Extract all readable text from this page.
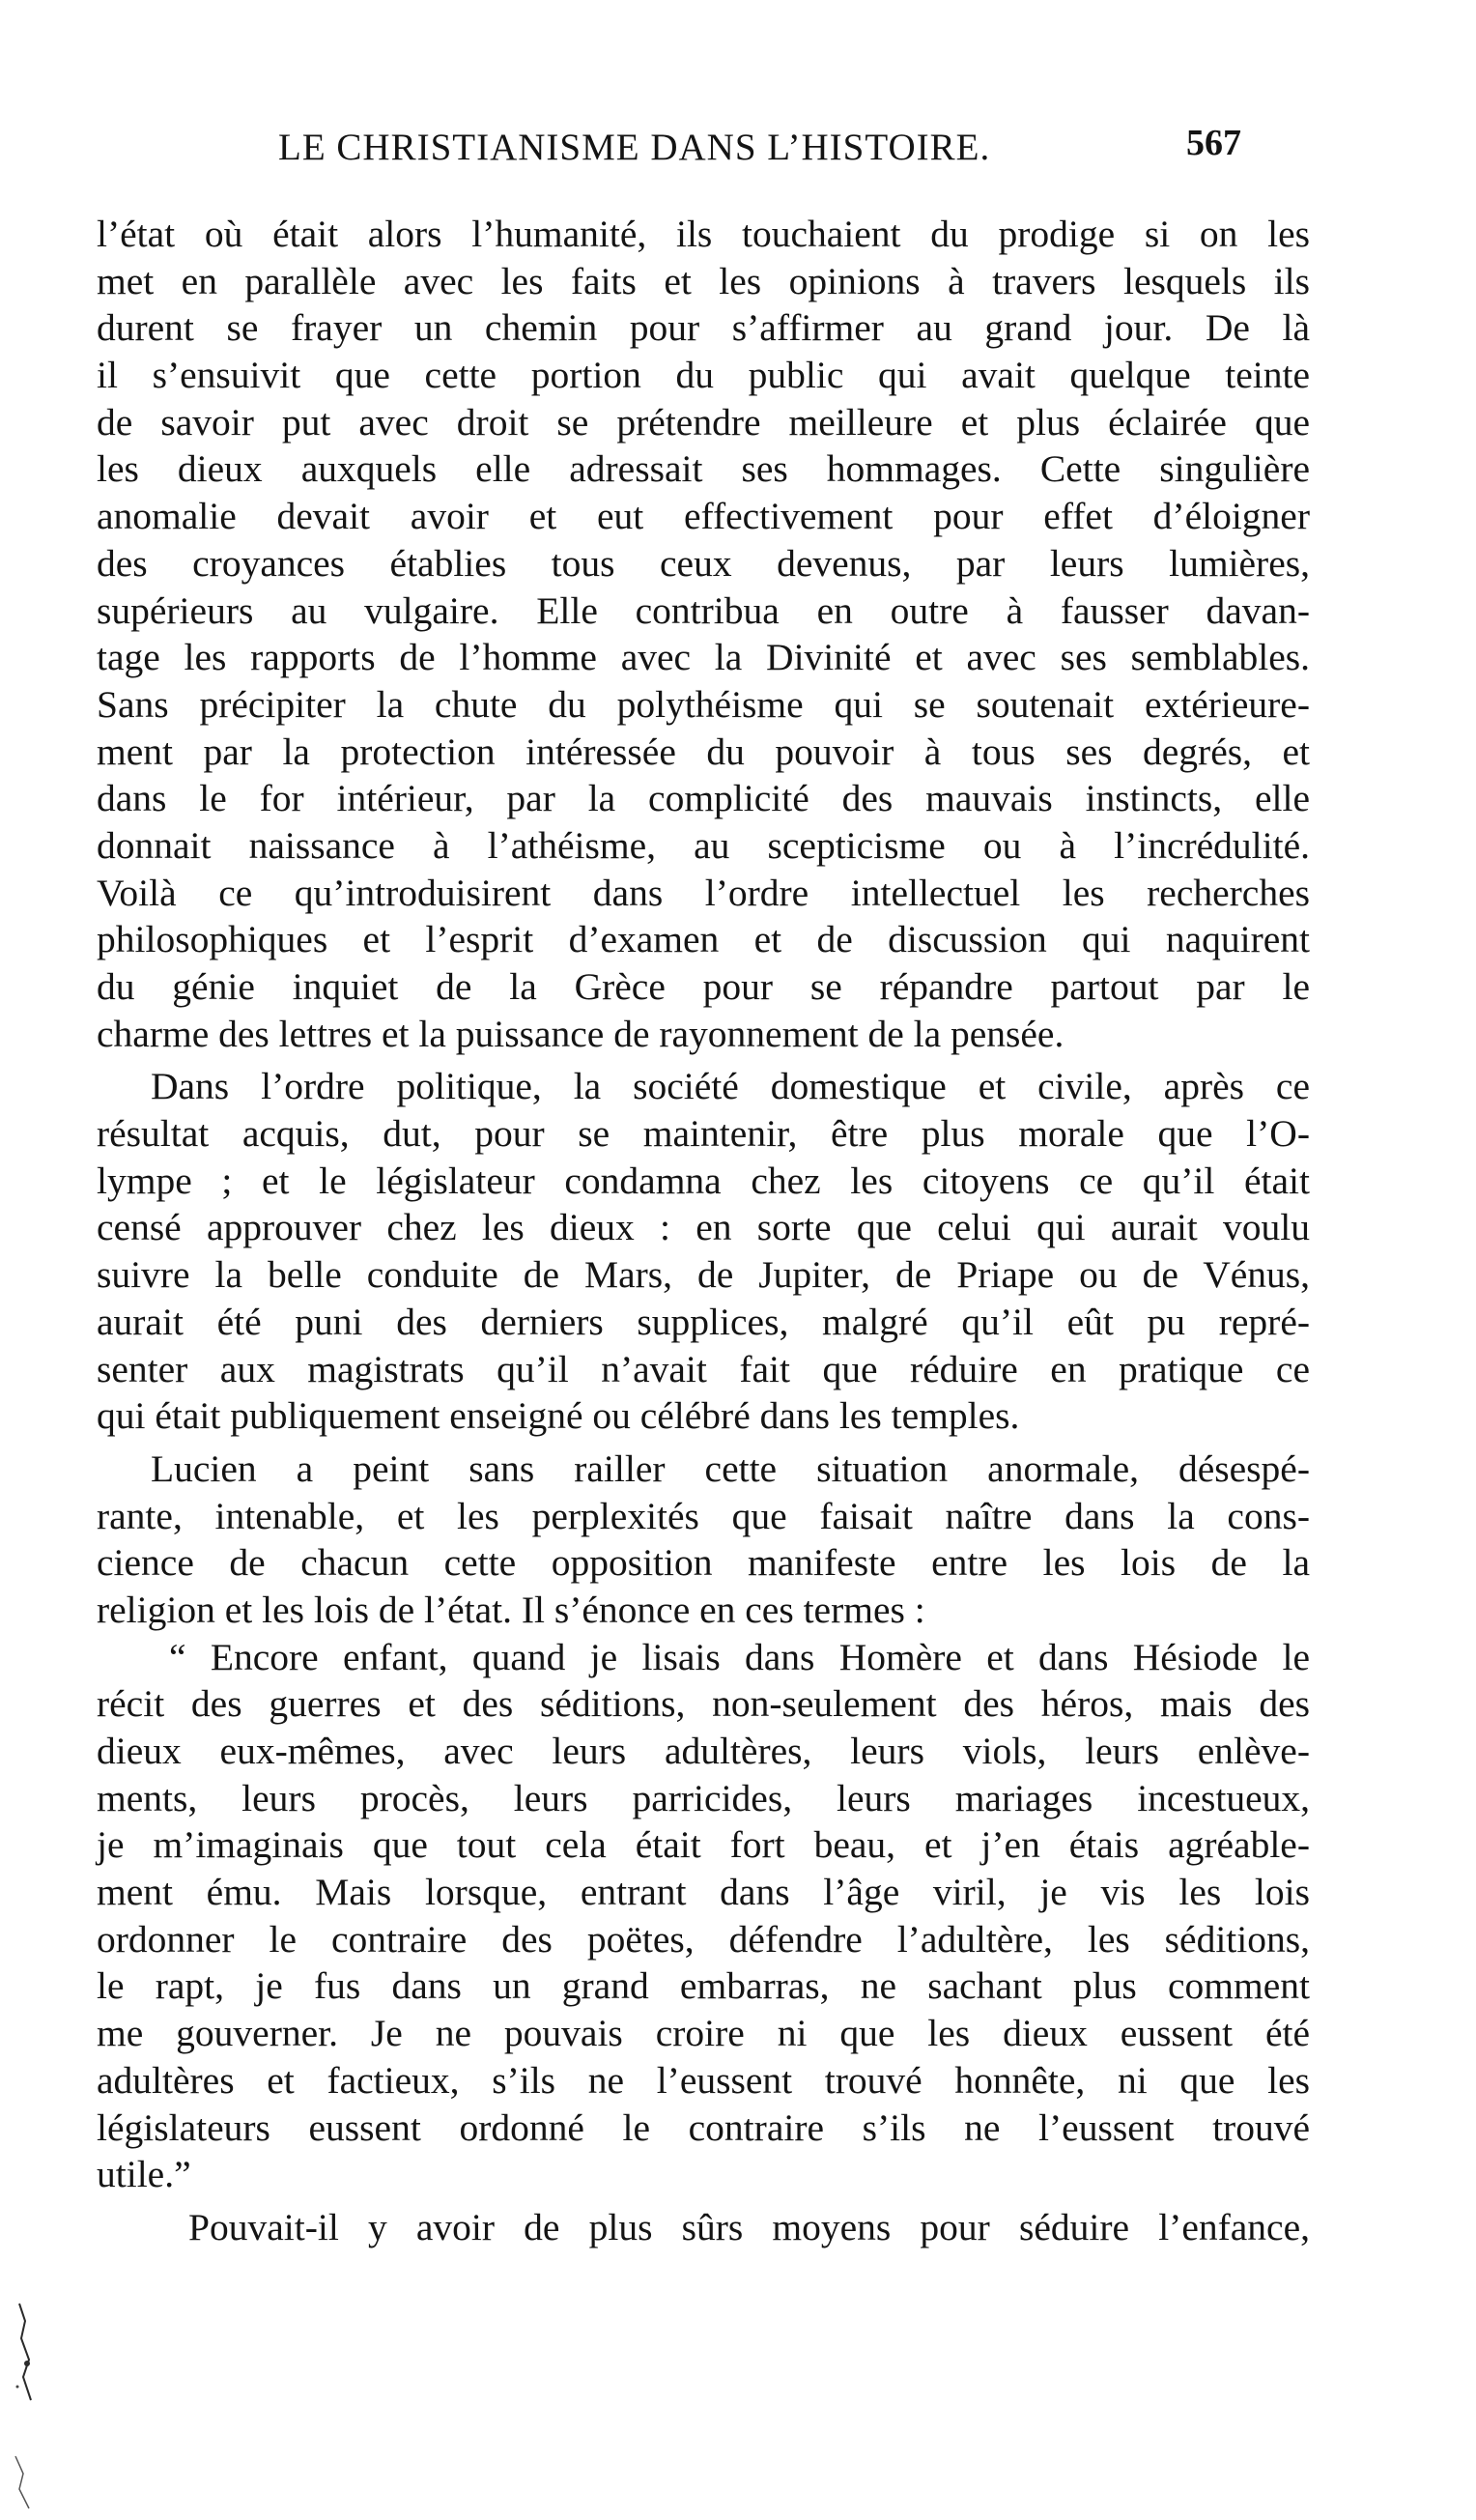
LE CHRISTIANISME DANS L’HISTOIRE.	567
l’état où était alors l’humanité, ils touchaient du prodige si on les
met en parallèle avec les faits et les opinions à travers lesquels ils
durent se frayer un chemin pour s’affirmer au grand jour. De là
il s’ensuivit que cette portion du public qui avait quelque teinte
de savoir put avec droit se prétendre meilleure et plus éclairée que
les dieux auxquels elle adressait ses hommages. Cette singulière
anomalie devait avoir et eut effectivement pour effet d’éloigner
des croyances établies tous ceux devenus, par leurs lumières,
supérieurs au vulgaire. Elle contribua en outre à fausser davan-
tage les rapports de l’homme avec la Divinité et avec ses semblables.
Sans précipiter la chute du polythéisme qui se soutenait extérieure-
ment par la protection intéressée du pouvoir à tous ses degrés, et
dans le for intérieur, par la complicité des mauvais instincts, elle
donnait naissance à l’athéisme, au scepticisme ou à l’incrédulité.
Voilà ce qu’introduisirent dans l’ordre intellectuel les recherches
philosophiques et l’esprit d’examen et de discussion qui naquirent
du génie inquiet de la Grèce pour se répandre partout par le
charme des lettres et la puissance de rayonnement de la pensée.
Dans l’ordre politique, la société domestique et civile, après ce
résultat acquis, dut, pour se maintenir, être plus morale que l’O-
lympe ; et le législateur condamna chez les citoyens ce qu’il était
censé approuver chez les dieux : en sorte que celui qui aurait voulu
suivre la belle conduite de Mars, de Jupiter, de Priape ou de Vénus,
aurait été puni des derniers supplices, malgré qu’il eût pu repré-
senter aux magistrats qu’il n’avait fait que réduire en pratique ce
qui était publiquement enseigné ou célébré dans les temples.
Lucien a peint sans railler cette situation anormale, désespé-
rante, intenable, et les perplexités que faisait naître dans la cons-
cience de chacun cette opposition manifeste entre les lois de la
religion et les lois de l’état. Il s’énonce en ces termes :
“ Encore enfant, quand je lisais dans Homère et dans Hésiode le
récit des guerres et des séditions, non-seulement des héros, mais des
dieux eux-mêmes, avec leurs adultères, leurs viols, leurs enlève-
ments, leurs procès, leurs parricides, leurs mariages incestueux,
je m’imaginais que tout cela était fort beau, et j’en étais agréable-
ment ému. Mais lorsque, entrant dans l’âge viril, je vis les lois
ordonner le contraire des poëtes, défendre l’adultère, les séditions,
le rapt, je fus dans un grand embarras, ne sachant plus comment
me gouverner. Je ne pouvais croire ni que les dieux eussent été
adultères et factieux, s’ils ne l’eussent trouvé honnête, ni que les
législateurs eussent ordonné le contraire s’ils ne l’eussent trouvé
utile.”
Pouvait-il y avoir de plus sûrs moyens pour séduire l’enfance,
